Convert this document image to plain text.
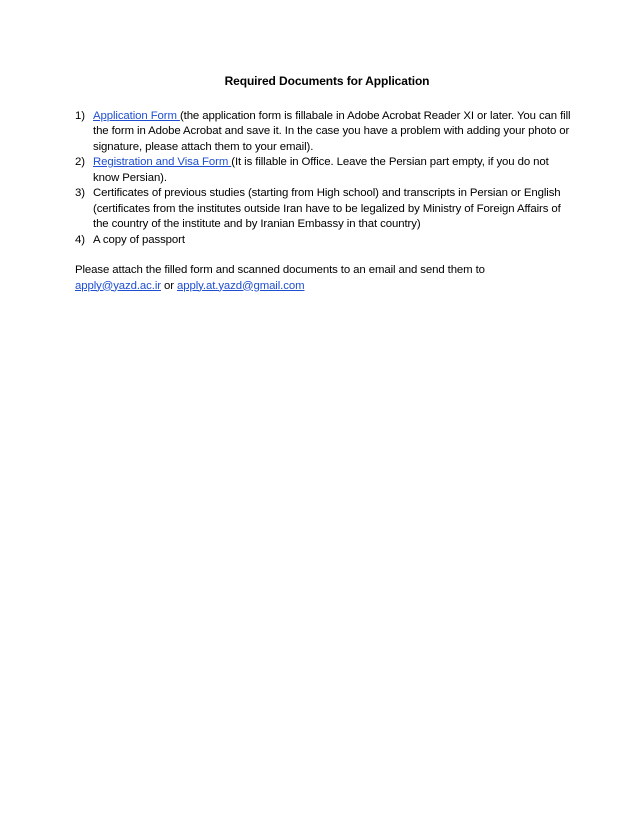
Required Documents for Application
1) Application Form (the application form is fillabale in Adobe Acrobat Reader XI or later. You can fill the form in Adobe Acrobat and save it. In the case you have a problem with adding your photo or signature, please attach them to your email).
2) Registration and Visa Form (It is fillable in Office. Leave the Persian part empty, if you do not know Persian).
3) Certificates of previous studies (starting from High school) and transcripts in Persian or English (certificates from the institutes outside Iran have to be legalized by Ministry of Foreign Affairs of the country of the institute and by Iranian Embassy in that country)
4) A copy of passport
Please attach the filled form and scanned documents to an email and send them to
apply@yazd.ac.ir or apply.at.yazd@gmail.com
